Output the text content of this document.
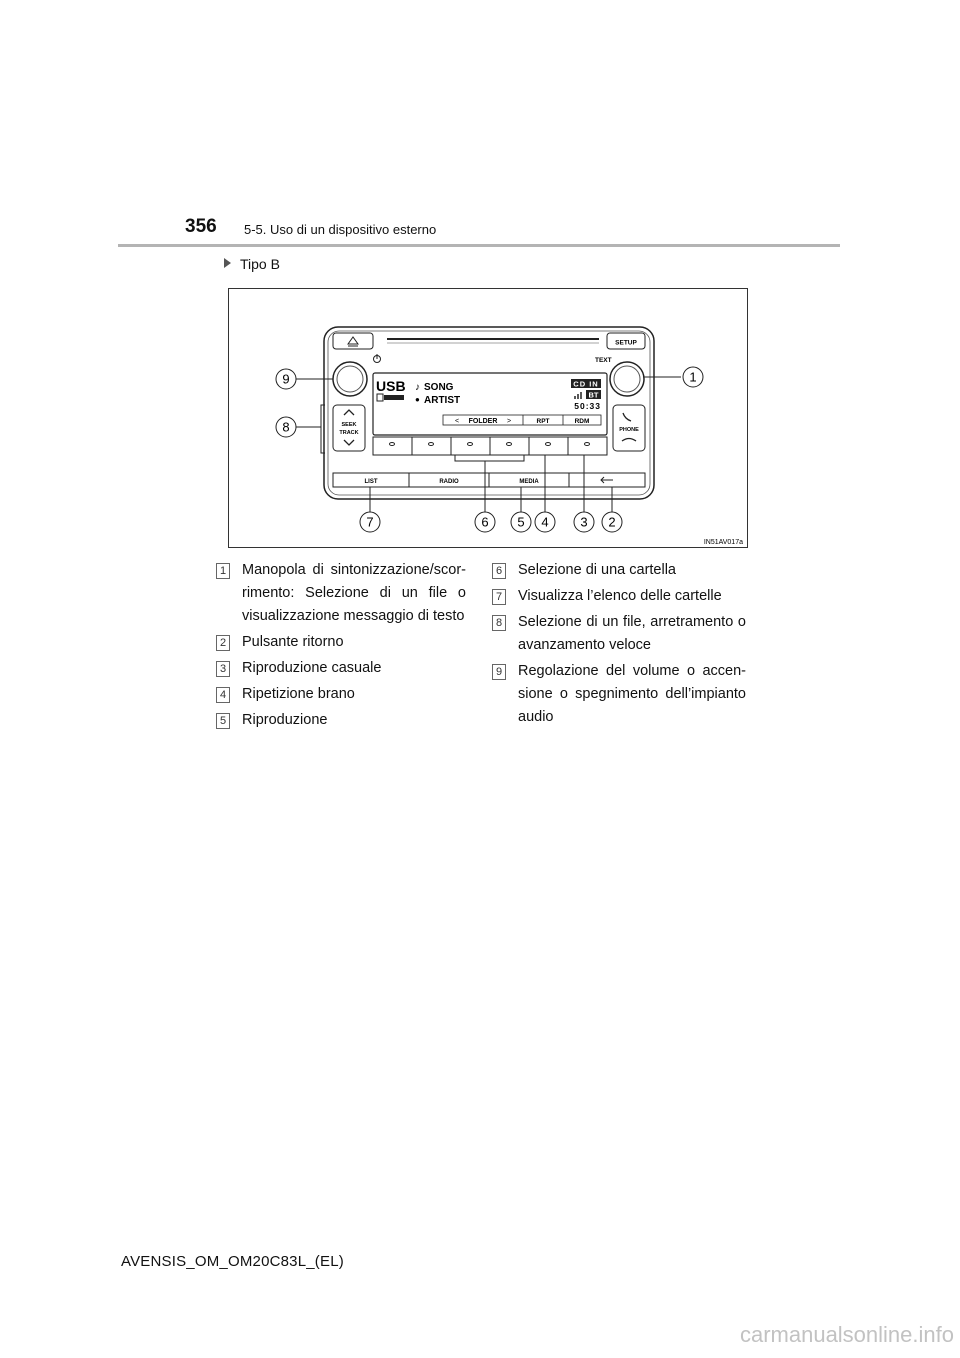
356 5-5. Uso di un dispositivo esterno
Tipo B
SETUP
TEXT
USB ♪ SONG
● ARTIST
CD IN
BT
50:33
< FOLDER >	RPT	RDM
SEEK
TRACK	PHONE
LIST	RADIO	MEDIA
1
2
3
4
5
6
7
8
9
IN51AV017a
1 Manopola di sintonizzazione/scor- rimento: Selezione di un file o visualizzazione messaggio di testo
2 Pulsante ritorno
3 Riproduzione casuale
4 Ripetizione brano
5 Riproduzione
6 Selezione di una cartella
7 Visualizza l’elenco delle cartelle
8 Selezione di un file, arretramento o avanzamento veloce
9 Regolazione del volume o accen- sione o spegnimento dell’impianto audio
AVENSIS_OM_OM20C83L_(EL)
carmanualsonline.info
